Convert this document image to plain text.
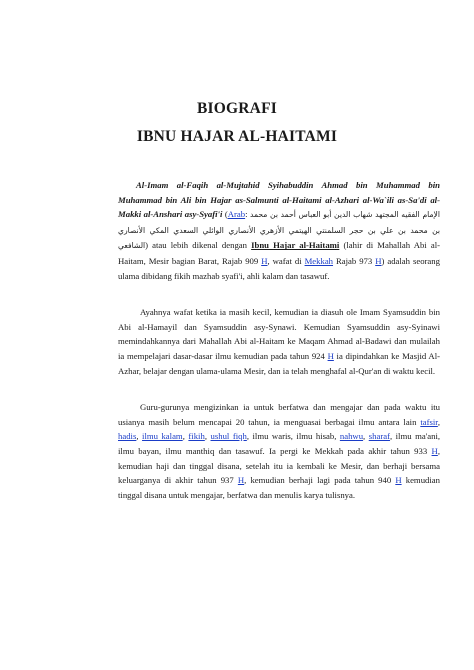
BIOGRAFI
IBNU HAJAR AL-HAITAMI

Al-Imam al-Faqih al-Mujtahid Syihabuddin Ahmad bin Muhammad bin Muhammad bin Ali bin Hajar as-Salmunti al-Haitami al-Azhari al-Wa`ili as-Sa'di al-Makki al-Anshari asy-Syafi'i (Arab: الإمام الفقيه المجتهد شهاب الدين أبو العباس أحمد بن محمد بن محمد بن علي بن حجر السلمنتي الهيتمي الأزهري الأنصاري الوائلي السعدي المكي الأنصاري الشافعي) atau lebih dikenal dengan Ibnu Hajar al-Haitami (lahir di Mahallah Abi al-Haitam, Mesir bagian Barat, Rajab 909 H, wafat di Mekkah Rajab 973 H) adalah seorang ulama dibidang fikih mazhab syafi'i, ahli kalam dan tasawuf.

Ayahnya wafat ketika ia masih kecil, kemudian ia diasuh ole Imam Syamsuddin bin Abi al-Hamayil dan Syamsuddin asy-Synawi. Kemudian Syamsuddin asy-Syinawi memindahkannya dari Mahallah Abi al-Haitam ke Maqam Ahmad al-Badawi dan mulailah ia mempelajari dasar-dasar ilmu kemudian pada tahun 924 H ia dipindahkan ke Masjid Al-Azhar, belajar dengan ulama-ulama Mesir, dan ia telah menghafal al-Qur'an di waktu kecil.

Guru-gurunya mengizinkan ia untuk berfatwa dan mengajar dan pada waktu itu usianya masih belum mencapai 20 tahun, ia menguasai berbagai ilmu antara lain tafsir, hadis, ilmu kalam, fikih, ushul fiqh, ilmu waris, ilmu hisab, nahwu, sharaf, ilmu ma'ani, ilmu bayan, ilmu manthiq dan tasawuf. Ia pergi ke Mekkah pada akhir tahun 933 H, kemudian haji dan tinggal disana, setelah itu ia kembali ke Mesir, dan berhaji bersama keluarganya di akhir tahun 937 H, kemudian berhaji lagi pada tahun 940 H kemudian tinggal disana untuk mengajar, berfatwa dan menulis karya tulisnya.
